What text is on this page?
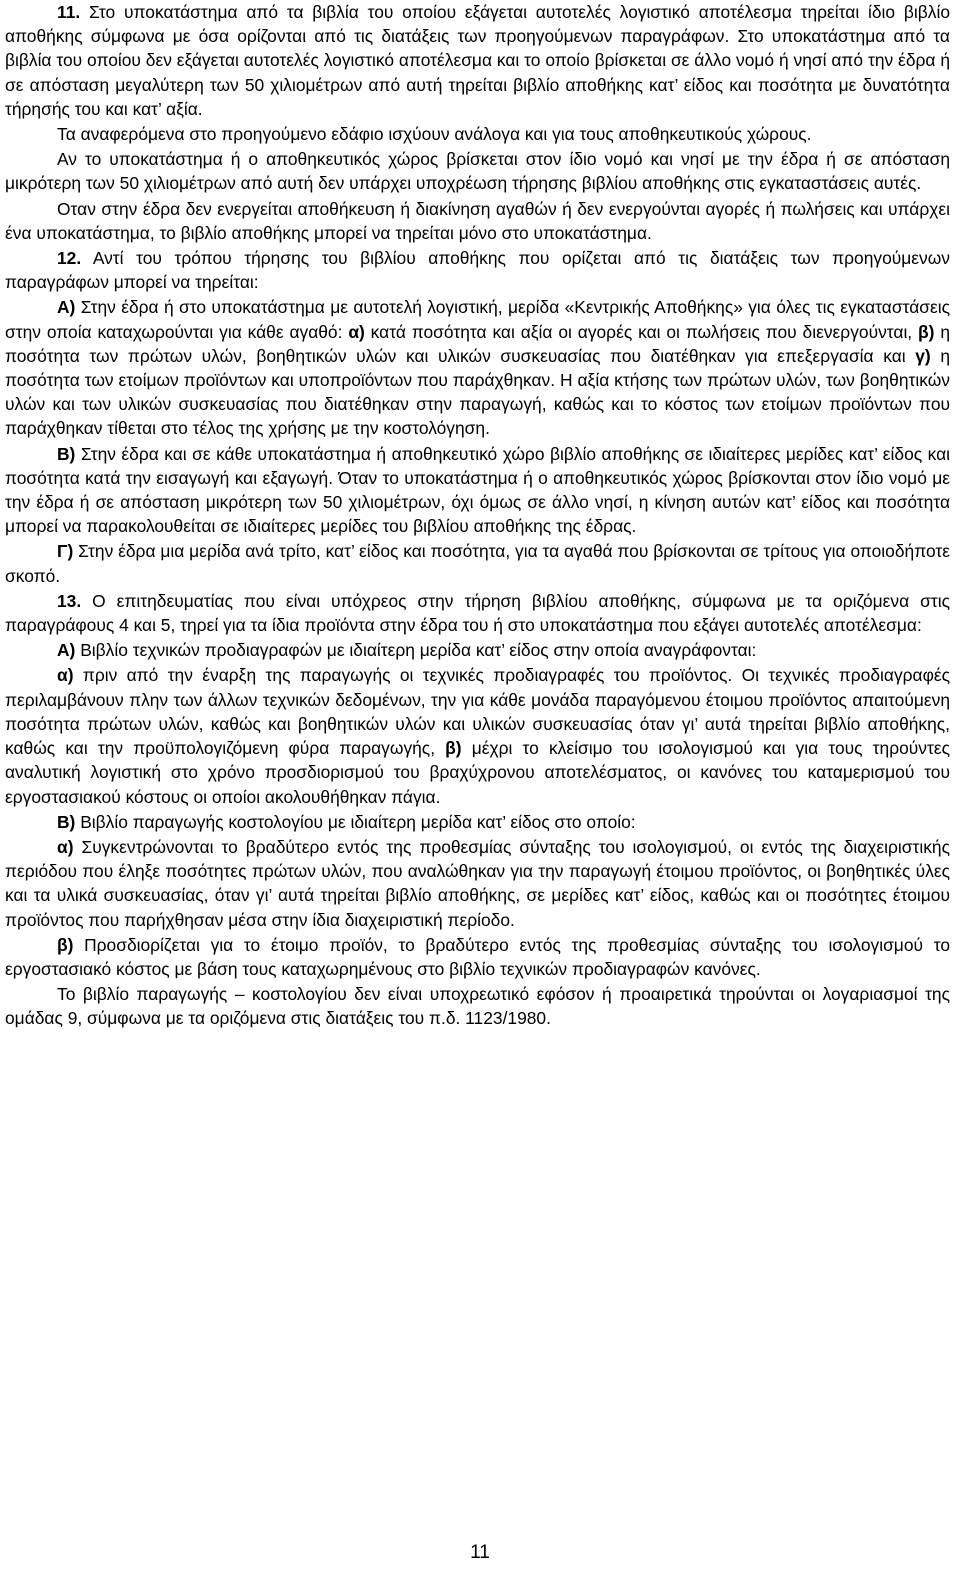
11. Στο υποκατάστημα από τα βιβλία του οποίου εξάγεται αυτοτελές λογιστικό αποτέλεσμα τηρείται ίδιο βιβλίο αποθήκης σύμφωνα με όσα ορίζονται από τις διατάξεις των προηγούμενων παραγράφων. Στο υποκατάστημα από τα βιβλία του οποίου δεν εξάγεται αυτοτελές λογιστικό αποτέλεσμα και το οποίο βρίσκεται σε άλλο νομό ή νησί από την έδρα ή σε απόσταση μεγαλύτερη των 50 χιλιομέτρων από αυτή τηρείται βιβλίο αποθήκης κατ’ είδος και ποσότητα με δυνατότητα τήρησής του και κατ’ αξία.

Τα αναφερόμενα στο προηγούμενο εδάφιο ισχύουν ανάλογα και για τους αποθηκευτικούς χώρους.

Αν το υποκατάστημα ή ο αποθηκευτικός χώρος βρίσκεται στον ίδιο νομό και νησί με την έδρα ή σε απόσταση μικρότερη των 50 χιλιομέτρων από αυτή δεν υπάρχει υποχρέωση τήρησης βιβλίου αποθήκης στις εγκαταστάσεις αυτές.

Οταν στην έδρα δεν ενεργείται αποθήκευση ή διακίνηση αγαθών ή δεν ενεργούνται αγορές ή πωλήσεις και υπάρχει ένα υποκατάστημα, το βιβλίο αποθήκης μπορεί να τηρείται μόνο στο υποκατάστημα.

12. Αντί του τρόπου τήρησης του βιβλίου αποθήκης που ορίζεται από τις διατάξεις των προηγούμενων παραγράφων μπορεί να τηρείται:

Α) Στην έδρα ή στο υποκατάστημα με αυτοτελή λογιστική, μερίδα «Κεντρικής Αποθήκης» για όλες τις εγκαταστάσεις στην οποία καταχωρούνται για κάθε αγαθό: α) κατά ποσότητα και αξία οι αγορές και οι πωλήσεις που διενεργούνται, β) η ποσότητα των πρώτων υλών, βοηθητικών υλών και υλικών συσκευασίας που διατέθηκαν για επεξεργασία και γ) η ποσότητα των ετοίμων προϊόντων και υποπροϊόντων που παράχθηκαν. Η αξία κτήσης των πρώτων υλών, των βοηθητικών υλών και των υλικών συσκευασίας που διατέθηκαν στην παραγωγή, καθώς και το κόστος των ετοίμων προϊόντων που παράχθηκαν τίθεται στο τέλος της χρήσης με την κοστολόγηση.

Β) Στην έδρα και σε κάθε υποκατάστημα ή αποθηκευτικό χώρο βιβλίο αποθήκης σε ιδιαίτερες μερίδες κατ’ είδος και ποσότητα κατά την εισαγωγή και εξαγωγή. Όταν το υποκατάστημα ή ο αποθηκευτικός χώρος βρίσκονται στον ίδιο νομό με την έδρα ή σε απόσταση μικρότερη των 50 χιλιομέτρων, όχι όμως σε άλλο νησί, η κίνηση αυτών κατ’ είδος και ποσότητα μπορεί να παρακολουθείται σε ιδιαίτερες μερίδες του βιβλίου αποθήκης της έδρας.

Γ) Στην έδρα μια μερίδα ανά τρίτο, κατ’ είδος και ποσότητα, για τα αγαθά που βρίσκονται σε τρίτους για οποιοδήποτε σκοπό.

13. Ο επιτηδευματίας που είναι υπόχρεος στην τήρηση βιβλίου αποθήκης, σύμφωνα με τα οριζόμενα στις παραγράφους 4 και 5, τηρεί για τα ίδια προϊόντα στην έδρα του ή στο υποκατάστημα που εξάγει αυτοτελές αποτέλεσμα:

Α) Βιβλίο τεχνικών προδιαγραφών με ιδιαίτερη μερίδα κατ’ είδος στην οποία αναγράφονται:

α) πριν από την έναρξη της παραγωγής οι τεχνικές προδιαγραφές του προϊόντος. Οι τεχνικές προδιαγραφές περιλαμβάνουν πλην των άλλων τεχνικών δεδομένων, την για κάθε μονάδα παραγόμενου έτοιμου προϊόντος απαιτούμενη ποσότητα πρώτων υλών, καθώς και βοηθητικών υλών και υλικών συσκευασίας όταν γι’ αυτά τηρείται βιβλίο αποθήκης, καθώς και την προϋπολογιζόμενη φύρα παραγωγής, β) μέχρι το κλείσιμο του ισολογισμού και για τους τηρούντες αναλυτική λογιστική στο χρόνο προσδιορισμού του βραχύχρονου αποτελέσματος, οι κανόνες του καταμερισμού του εργοστασιακού κόστους οι οποίοι ακολουθήθηκαν πάγια.

Β) Βιβλίο παραγωγής κοστολογίου με ιδιαίτερη μερίδα κατ’ είδος στο οποίο:

α) Συγκεντρώνονται το βραδύτερο εντός της προθεσμίας σύνταξης του ισολογισμού, οι εντός της διαχειριστικής περιόδου που έληξε ποσότητες πρώτων υλών, που αναλώθηκαν για την παραγωγή έτοιμου προϊόντος, οι βοηθητικές ύλες και τα υλικά συσκευασίας, όταν γι’ αυτά τηρείται βιβλίο αποθήκης, σε μερίδες κατ’ είδος, καθώς και οι ποσότητες έτοιμου προϊόντος που παρήχθησαν μέσα στην ίδια διαχειριστική περίοδο.

β) Προσδιορίζεται για το έτοιμο προϊόν, το βραδύτερο εντός της προθεσμίας σύνταξης του ισολογισμού το εργοστασιακό κόστος με βάση τους καταχωρημένους στο βιβλίο τεχνικών προδιαγραφών κανόνες.

Το βιβλίο παραγωγής – κοστολογίου δεν είναι υποχρεωτικό εφόσον ή προαιρετικά τηρούνται οι λογαριασμοί της ομάδας 9, σύμφωνα με τα οριζόμενα στις διατάξεις του π.δ. 1123/1980.

11
